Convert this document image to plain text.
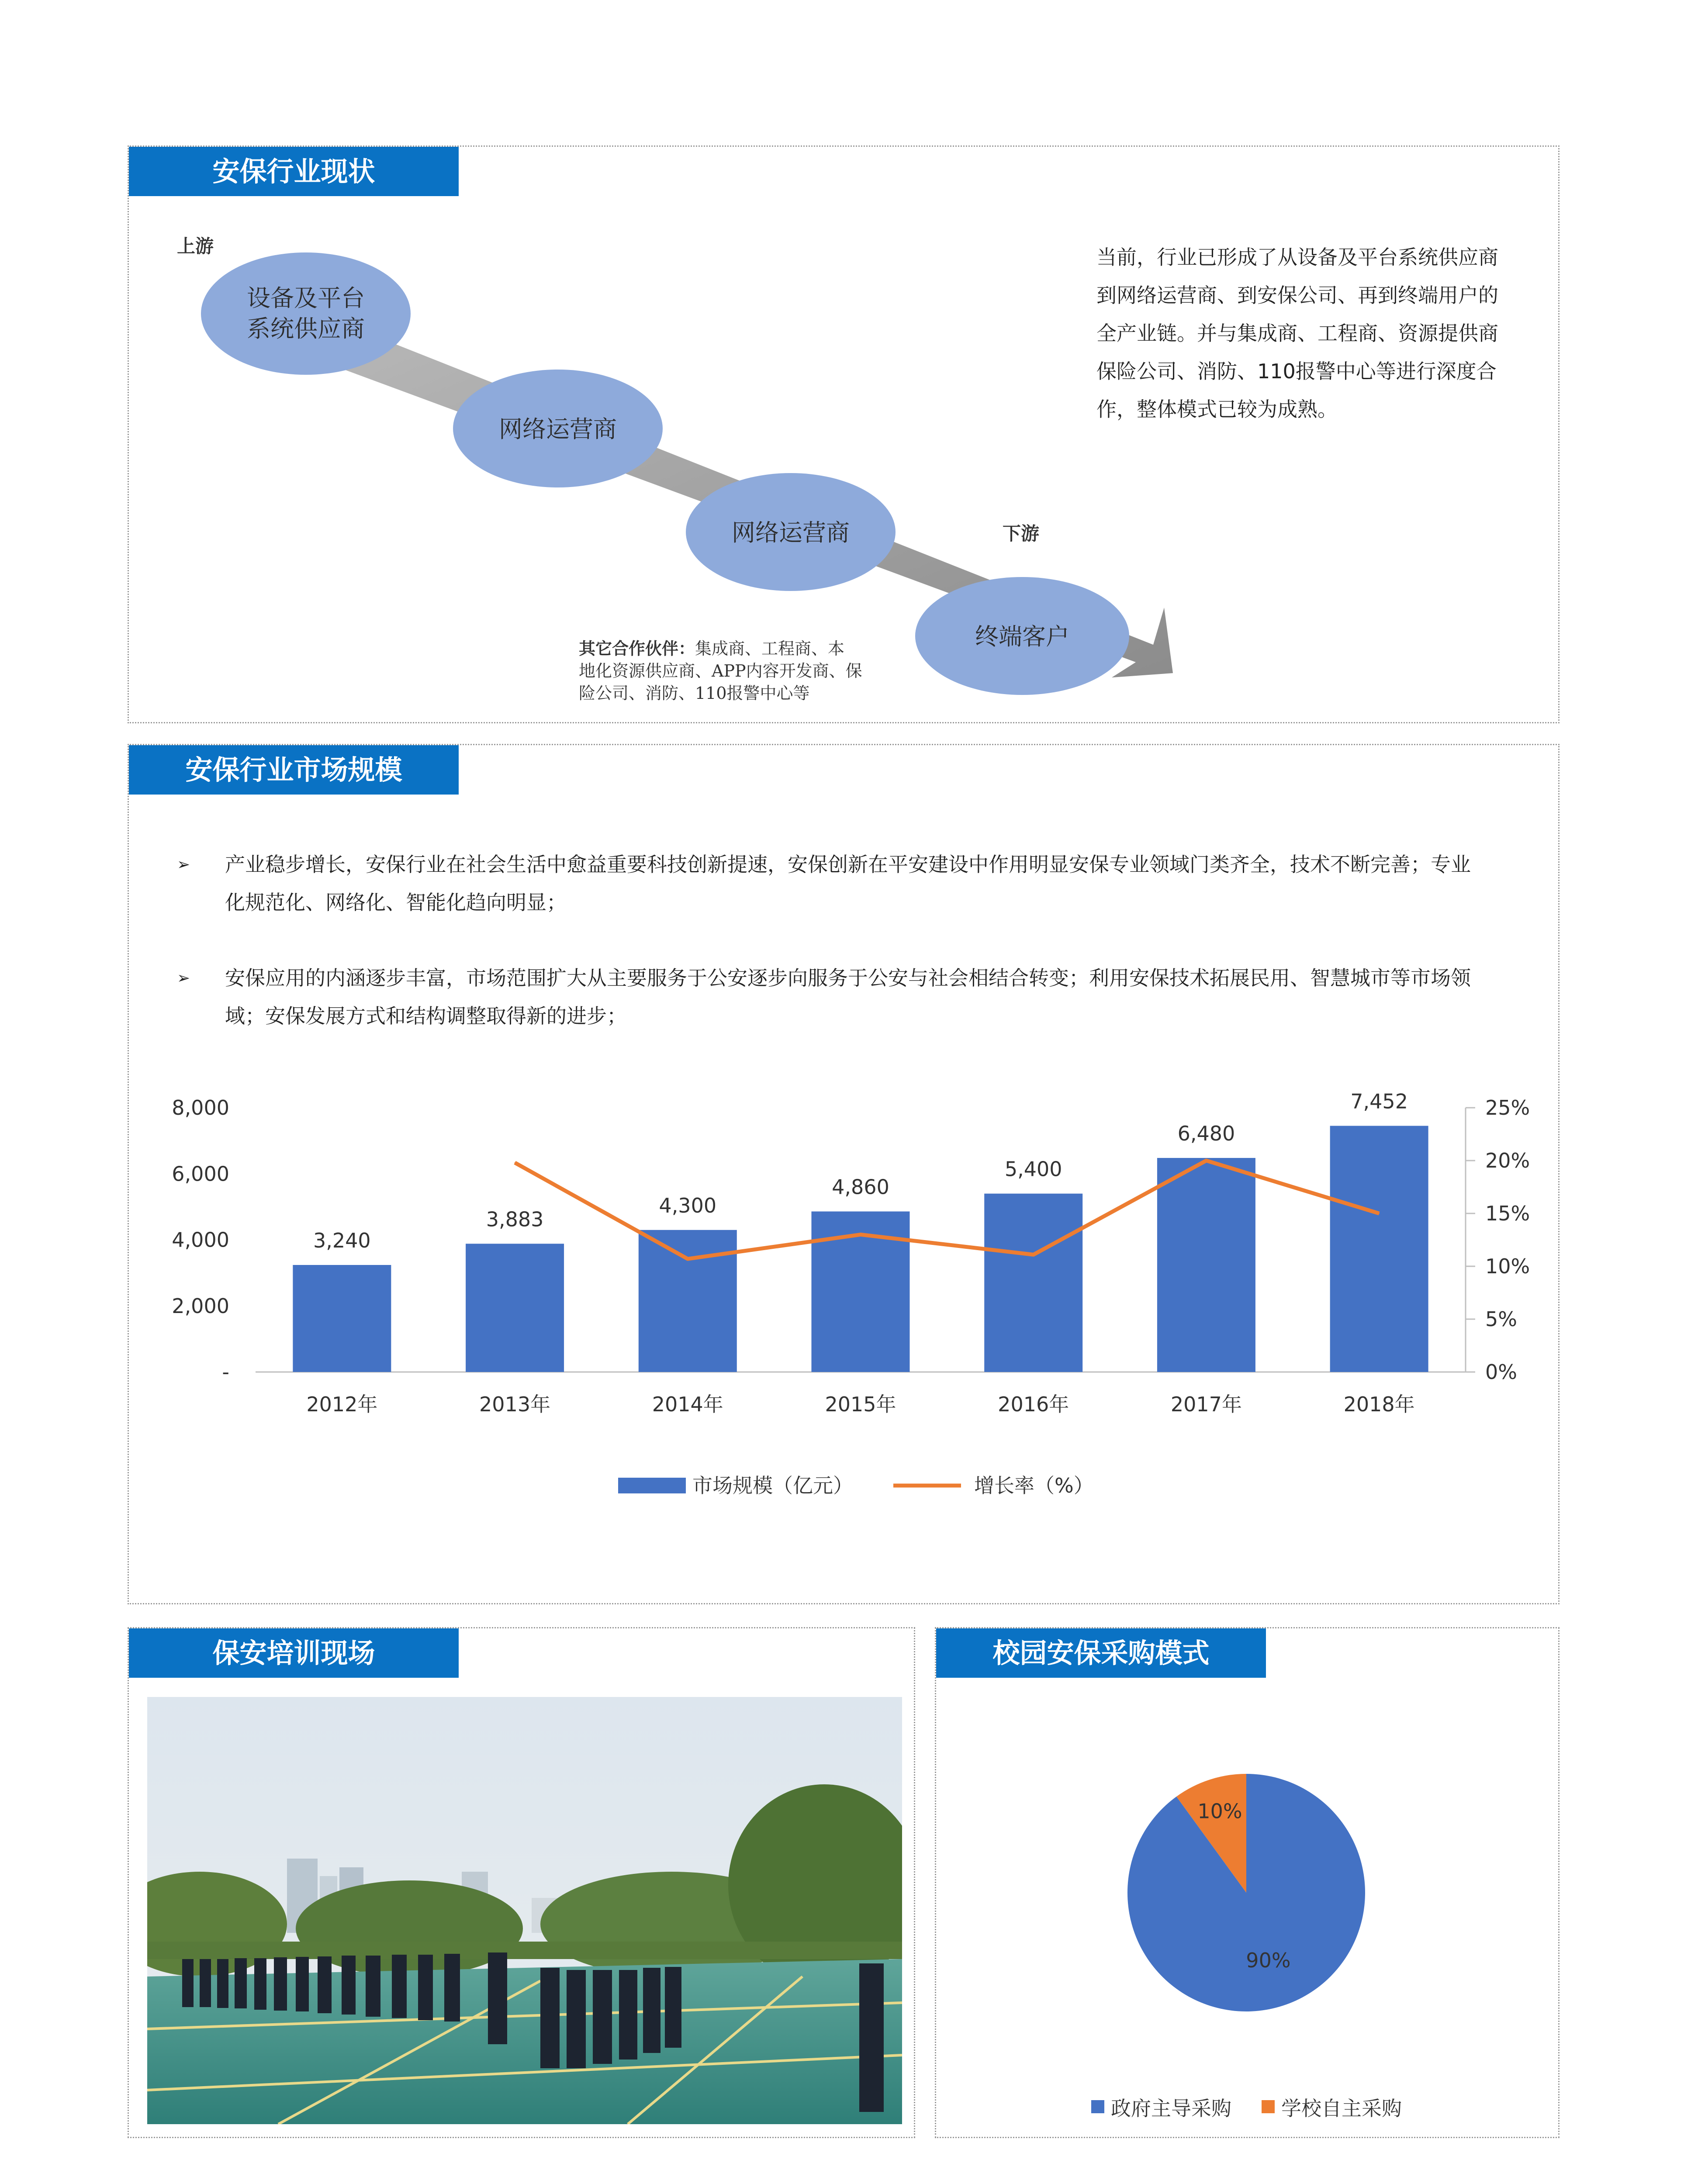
安保行业现状
上游
下游
设备及平台
系统供应商
网络运营商
网络运营商
终端客户
其它合作伙伴：集成商、工程商、本
地化资源供应商、APP内容开发商、保
险公司、消防、110报警中心等
当前，行业已形成了从设备及平台系统供应商
到网络运营商、到安保公司、再到终端用户的
全产业链。并与集成商、工程商、资源提供商
保险公司、消防、110报警中心等进行深度合
作，整体模式已较为成熟。
安保行业市场规模
➢ 产业稳步增长，安保行业在社会生活中愈益重要科技创新提速，安保创新在平安建设中作用明显安保专业领域门类齐全，技术不断完善；专业
化规范化、网络化、智能化趋向明显；
➢ 安保应用的内涵逐步丰富，市场范围扩大从主要服务于公安逐步向服务于公安与社会相结合转变；利用安保技术拓展民用、智慧城市等市场领
域；安保发展方式和结构调整取得新的进步；
-
2,000
4,000
6,000
8,000
0%
5%
10%
15%
20%
25%
3,240
2012年
3,883
2013年
4,300
2014年
4,860
2015年
5,400
2016年
6,480
2017年
7,452
2018年
市场规模（亿元）	增长率（%）
保安培训现场	校园安保采购模式
90%
10%
政府主导采购 学校自主采购
